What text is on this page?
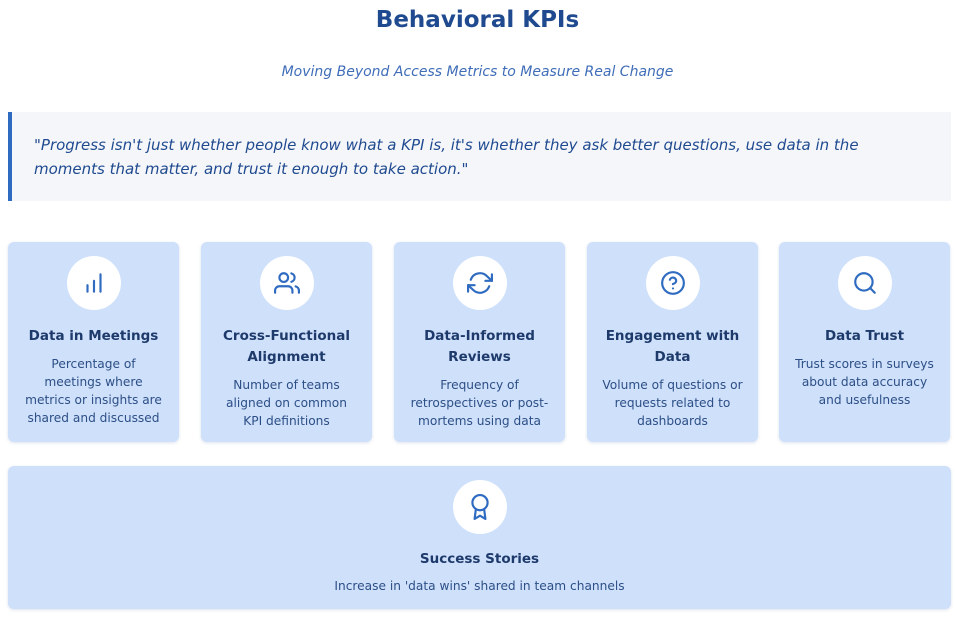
Behavioral KPIs
Moving Beyond Access Metrics to Measure Real Change
"Progress isn't just whether people know what a KPI is, it's whether they ask better questions, use data in the moments that matter, and trust it enough to take action."
Data in Meetings
Percentage of meetings where metrics or insights are shared and discussed
Cross-Functional Alignment
Number of teams aligned on common KPI definitions
Data-Informed Reviews
Frequency of retrospectives or post-mortems using data
Engagement with Data
Volume of questions or requests related to dashboards
Data Trust
Trust scores in surveys about data accuracy and usefulness
Success Stories
Increase in 'data wins' shared in team channels
